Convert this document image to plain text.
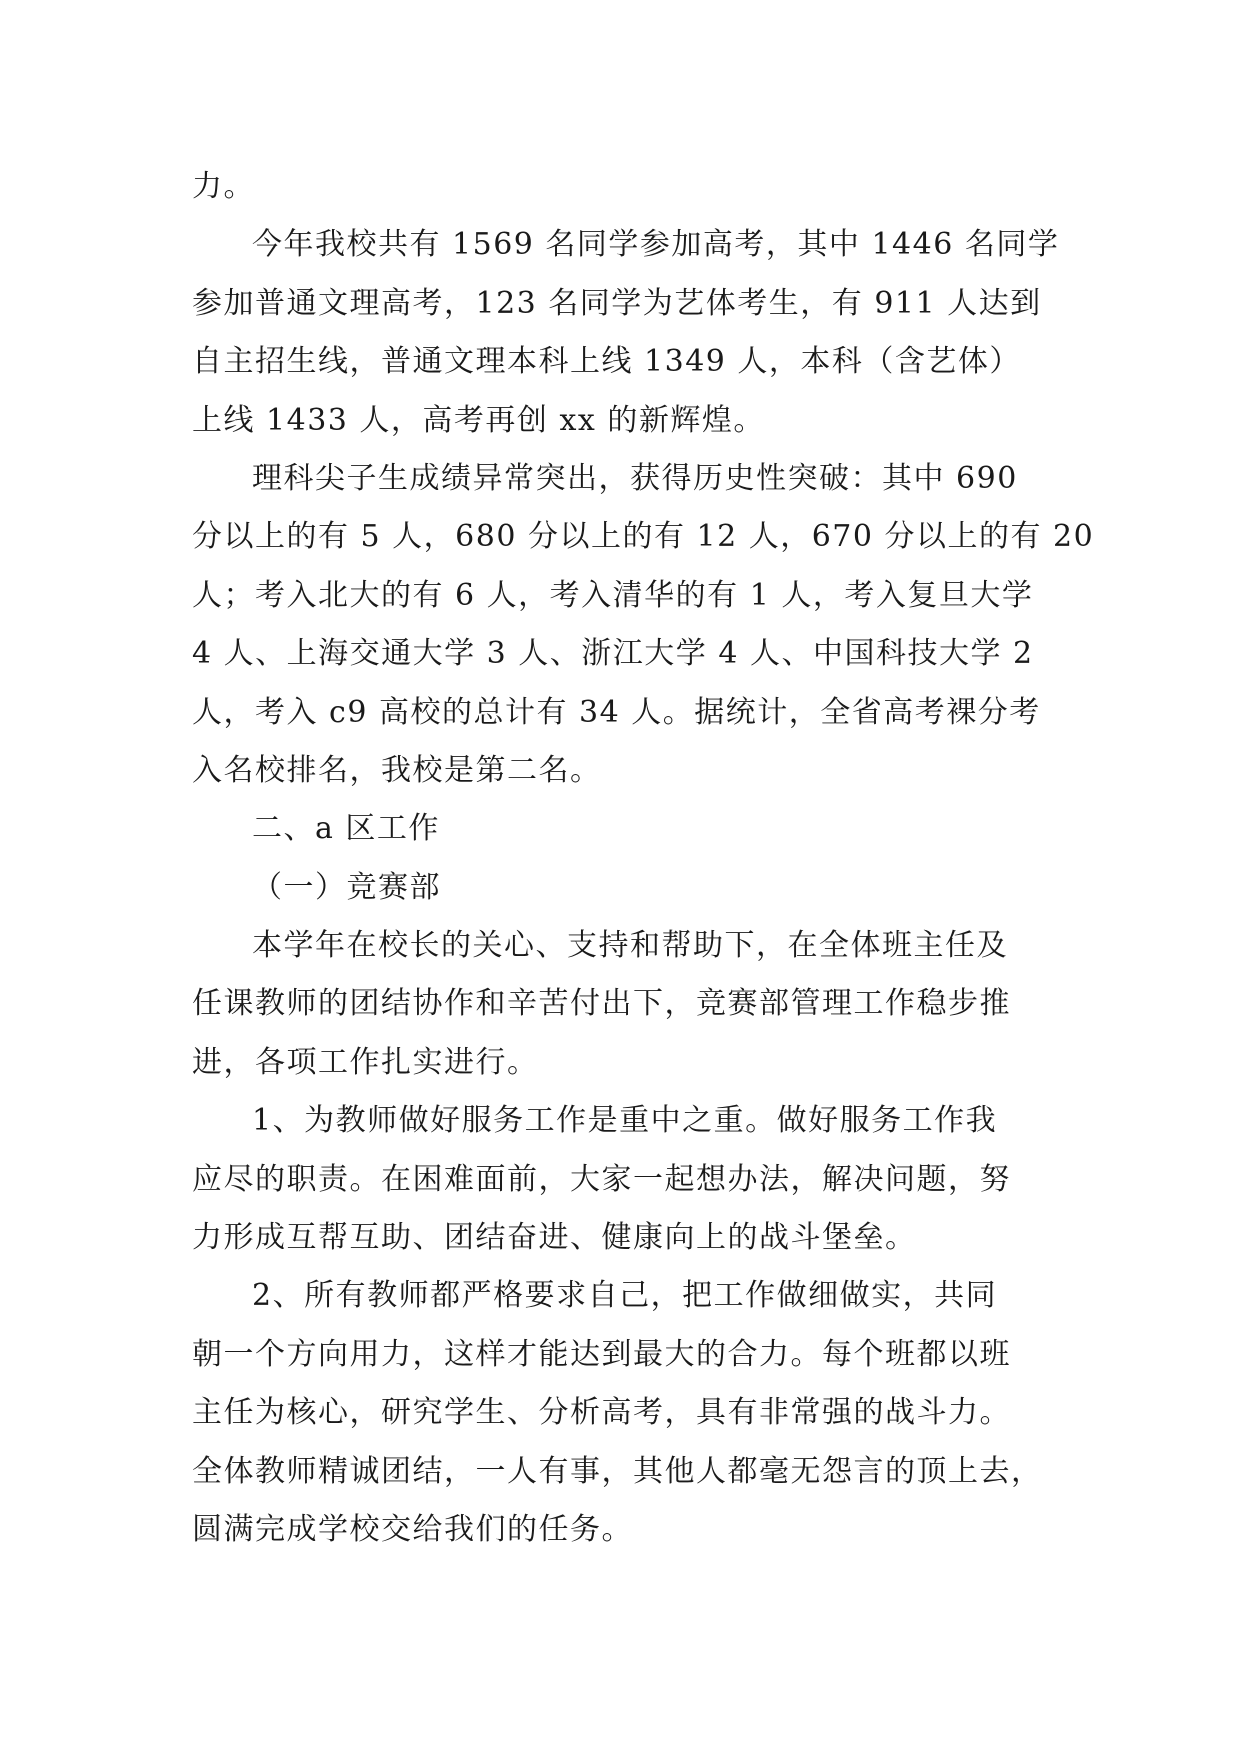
力。
今年我校共有 1569 名同学参加高考，其中 1446 名同学
参加普通文理高考，123 名同学为艺体考生，有 911 人达到
自主招生线，普通文理本科上线 1349 人，本科（含艺体）
上线 1433 人，高考再创 xx 的新辉煌。
理科尖子生成绩异常突出，获得历史性突破：其中 690
分以上的有 5 人，680 分以上的有 12 人，670 分以上的有 20
人；考入北大的有 6 人，考入清华的有 1 人，考入复旦大学
4 人、上海交通大学 3 人、浙江大学 4 人、中国科技大学 2
人，考入 c9 高校的总计有 34 人。据统计，全省高考裸分考
入名校排名，我校是第二名。
二、a 区工作
（一）竞赛部
本学年在校长的关心、支持和帮助下，在全体班主任及
任课教师的团结协作和辛苦付出下，竞赛部管理工作稳步推
进，各项工作扎实进行。
1、为教师做好服务工作是重中之重。做好服务工作我
应尽的职责。在困难面前，大家一起想办法，解决问题，努
力形成互帮互助、团结奋进、健康向上的战斗堡垒。
2、所有教师都严格要求自己，把工作做细做实，共同
朝一个方向用力，这样才能达到最大的合力。每个班都以班
主任为核心，研究学生、分析高考，具有非常强的战斗力。
全体教师精诚团结，一人有事，其他人都毫无怨言的顶上去，
圆满完成学校交给我们的任务。
